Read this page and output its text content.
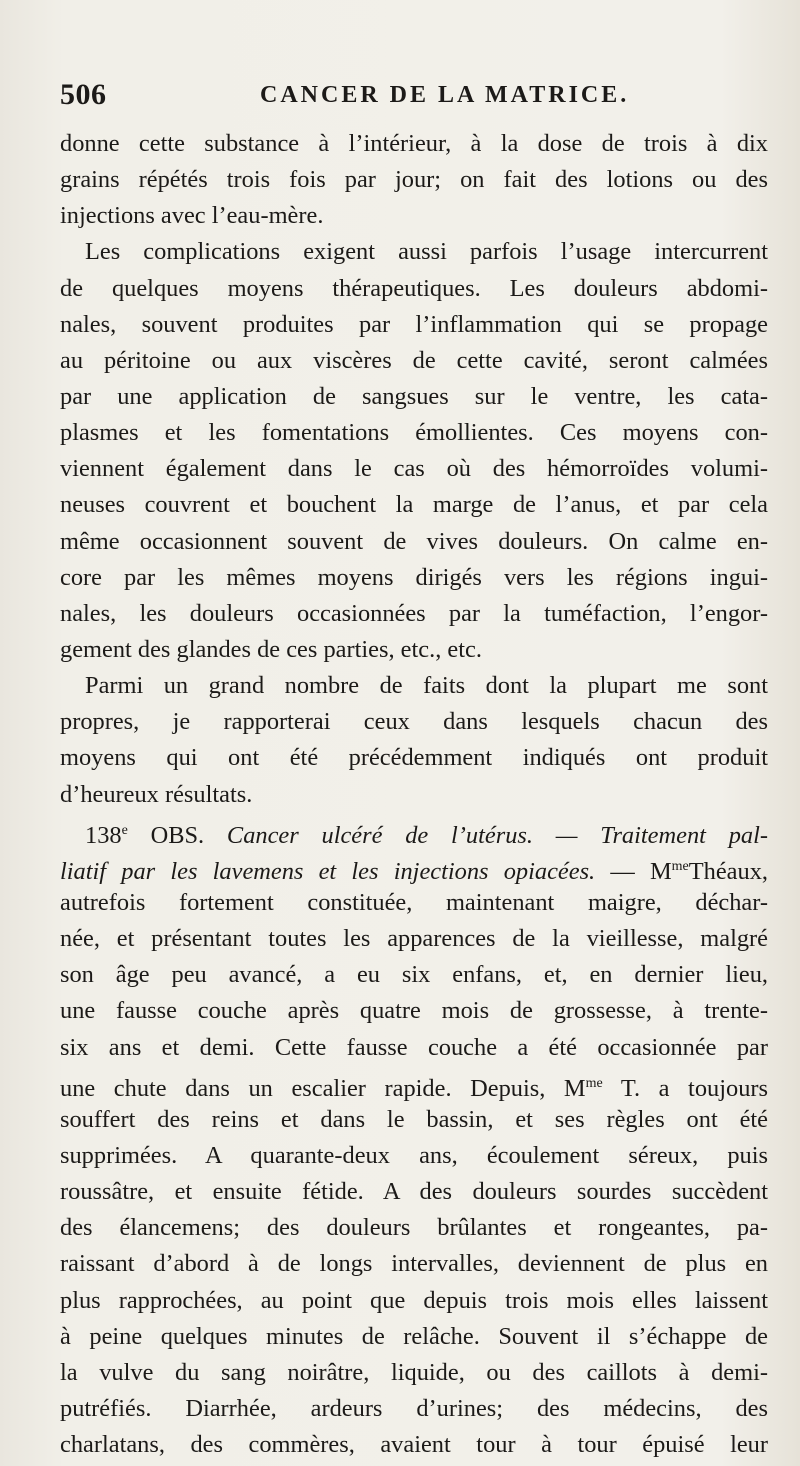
506	CANCER DE LA MATRICE.
donne cette substance à l’intérieur, à la dose de trois à dix
grains répétés trois fois par jour; on fait des lotions ou des
injections avec l’eau-mère.
Les complications exigent aussi parfois l’usage intercurrent
de quelques moyens thérapeutiques. Les douleurs abdomi-
nales, souvent produites par l’inflammation qui se propage
au péritoine ou aux viscères de cette cavité, seront calmées
par une application de sangsues sur le ventre, les cata-
plasmes et les fomentations émollientes. Ces moyens con-
viennent également dans le cas où des hémorroïdes volumi-
neuses couvrent et bouchent la marge de l’anus, et par cela
même occasionnent souvent de vives douleurs. On calme en-
core par les mêmes moyens dirigés vers les régions ingui-
nales, les douleurs occasionnées par la tuméfaction, l’engor-
gement des glandes de ces parties, etc., etc.
Parmi un grand nombre de faits dont la plupart me sont
propres, je rapporterai ceux dans lesquels chacun des
moyens qui ont été précédemment indiqués ont produit
d’heureux résultats.
138e OBS. Cancer ulcéré de l’utérus. — Traitement pal-
liatif par les lavemens et les injections opiacées. — $M^{me}Théaux$,
autrefois fortement constituée, maintenant maigre, déchar-
née, et présentant toutes les apparences de la vieillesse, malgré
son âge peu avancé, a eu six enfans, et, en dernier lieu,
une fausse couche après quatre mois de grossesse, à trente-
six ans et demi. Cette fausse couche a été occasionnée par
une chute dans un escalier rapide. Depuis, $M^{me}$ T. a toujours
souffert des reins et dans le bassin, et ses règles ont été
supprimées. A quarante-deux ans, écoulement séreux, puis
roussâtre, et ensuite fétide. A des douleurs sourdes succèdent
des élancemens; des douleurs brûlantes et rongeantes, pa-
raissant d’abord à de longs intervalles, deviennent de plus en
plus rapprochées, au point que depuis trois mois elles laissent
à peine quelques minutes de relâche. Souvent il s’échappe de
la vulve du sang noirâtre, liquide, ou des caillots à demi-
putréfiés. Diarrhée, ardeurs d’urines; des médecins, des
charlatans, des commères, avaient tour à tour épuisé leur
